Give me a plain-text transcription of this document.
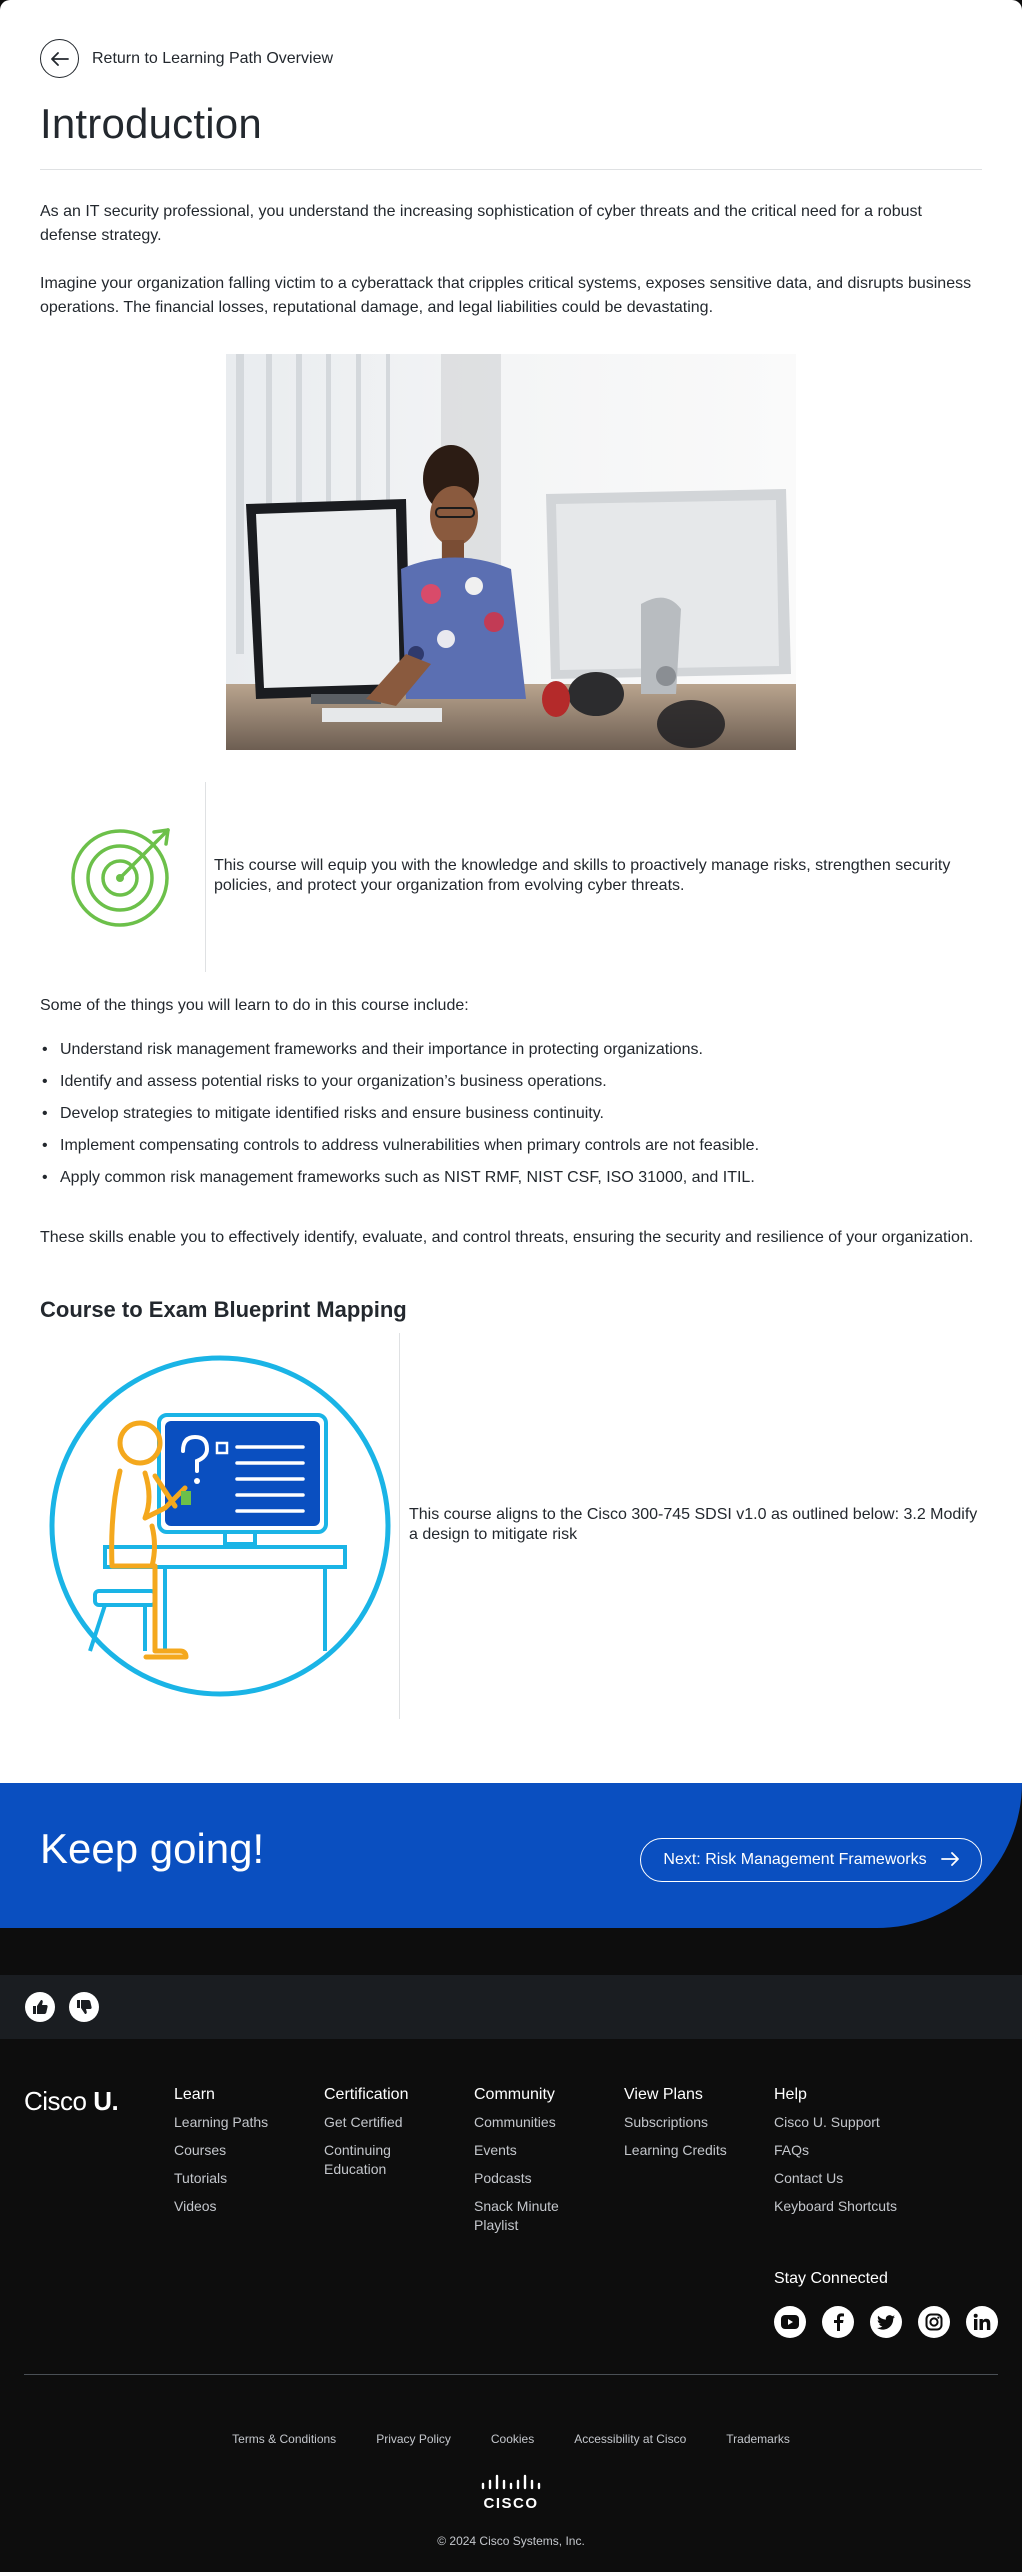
Return to Learning Path Overview
Introduction

As an IT security professional, you understand the increasing sophistication of cyber threats and the critical need for a robust defense strategy.

Imagine your organization falling victim to a cyberattack that cripples critical systems, exposes sensitive data, and disrupts business operations. The financial losses, reputational damage, and legal liabilities could be devastating.

This course will equip you with the knowledge and skills to proactively manage risks, strengthen security policies, and protect your organization from evolving cyber threats.

Some of the things you will learn to do in this course include:

• Understand risk management frameworks and their importance in protecting organizations.
• Identify and assess potential risks to your organization’s business operations.
• Develop strategies to mitigate identified risks and ensure business continuity.
• Implement compensating controls to address vulnerabilities when primary controls are not feasible.
• Apply common risk management frameworks such as NIST RMF, NIST CSF, ISO 31000, and ITIL.

These skills enable you to effectively identify, evaluate, and control threats, ensuring the security and resilience of your organization.

Course to Exam Blueprint Mapping

This course aligns to the Cisco 300-745 SDSI v1.0 as outlined below: 3.2 Modify a design to mitigate risk

Keep going!	Next: Risk Management Frameworks
Cisco U.	Learn
Learning Paths
Courses
Tutorials
Videos
Certification
Get Certified
Continuing Education
Community
Communities
Events
Podcasts
Snack Minute Playlist
View Plans
Subscriptions
Learning Credits
Help
Cisco U. Support
FAQs
Contact Us
Keyboard Shortcuts
Stay Connected
Terms & Conditions	Privacy Policy	Cookies	Accessibility at Cisco	Trademarks
CISCO
© 2024 Cisco Systems, Inc.
